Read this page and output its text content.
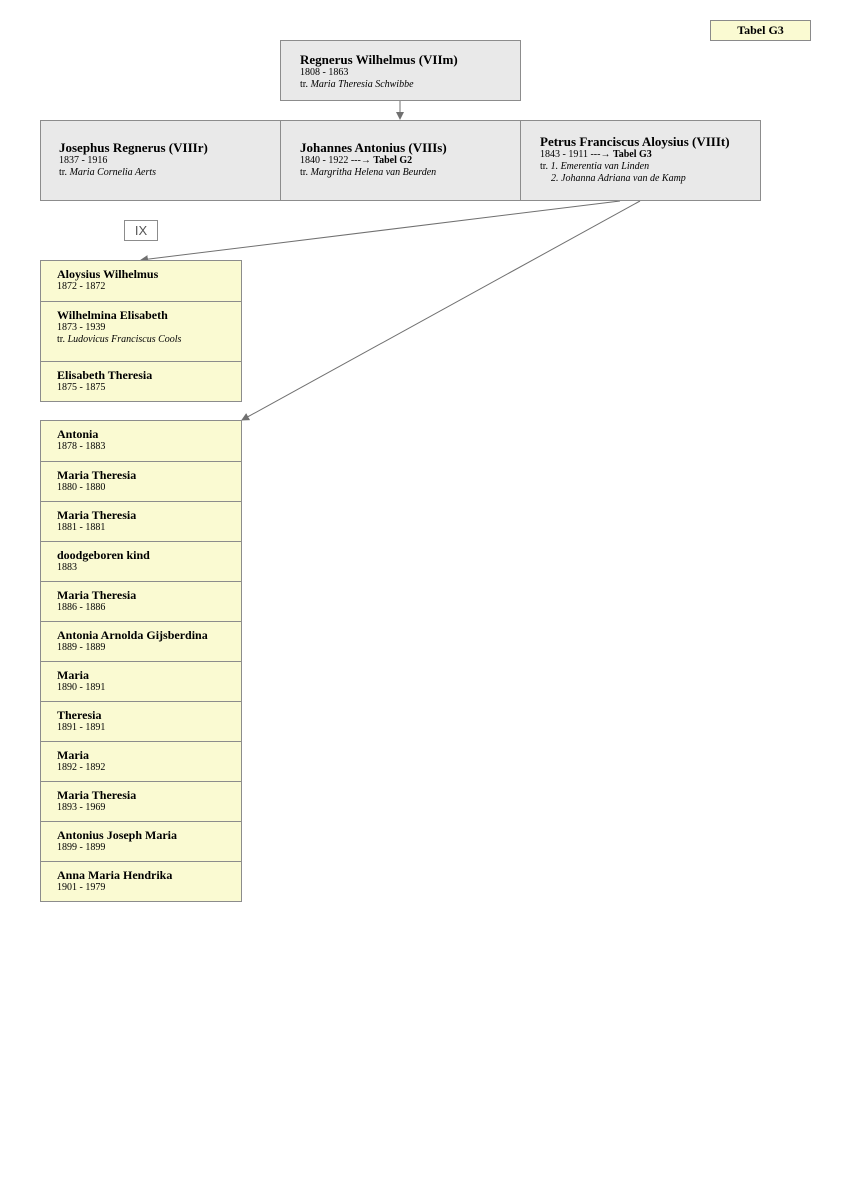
Tabel G3
Regnerus Wilhelmus (VIIm)
1808 - 1863
tr. Maria Theresia Schwibbe
Josephus Regnerus (VIIIr)
1837 - 1916
tr. Maria Cornelia Aerts
Johannes Antonius (VIIIs)
1840 - 1922 ---→ Tabel G2
tr. Margritha Helena van Beurden
Petrus Franciscus Aloysius (VIIIt)
1843 - 1911 ---→ Tabel G3
tr. 1. Emerentia van Linden
2. Johanna Adriana van de Kamp
IX
Aloysius Wilhelmus
1872 - 1872
Wilhelmina Elisabeth
1873 - 1939
tr. Ludovicus Franciscus Cools
Elisabeth Theresia
1875 - 1875
Antonia
1878 - 1883
Maria Theresia
1880 - 1880
Maria Theresia
1881 - 1881
doodgeboren kind
1883
Maria Theresia
1886 - 1886
Antonia Arnolda Gijsberdina
1889 - 1889
Maria
1890 - 1891
Theresia
1891 - 1891
Maria
1892 - 1892
Maria Theresia
1893 - 1969
Antonius Joseph Maria
1899 - 1899
Anna Maria Hendrika
1901 - 1979
